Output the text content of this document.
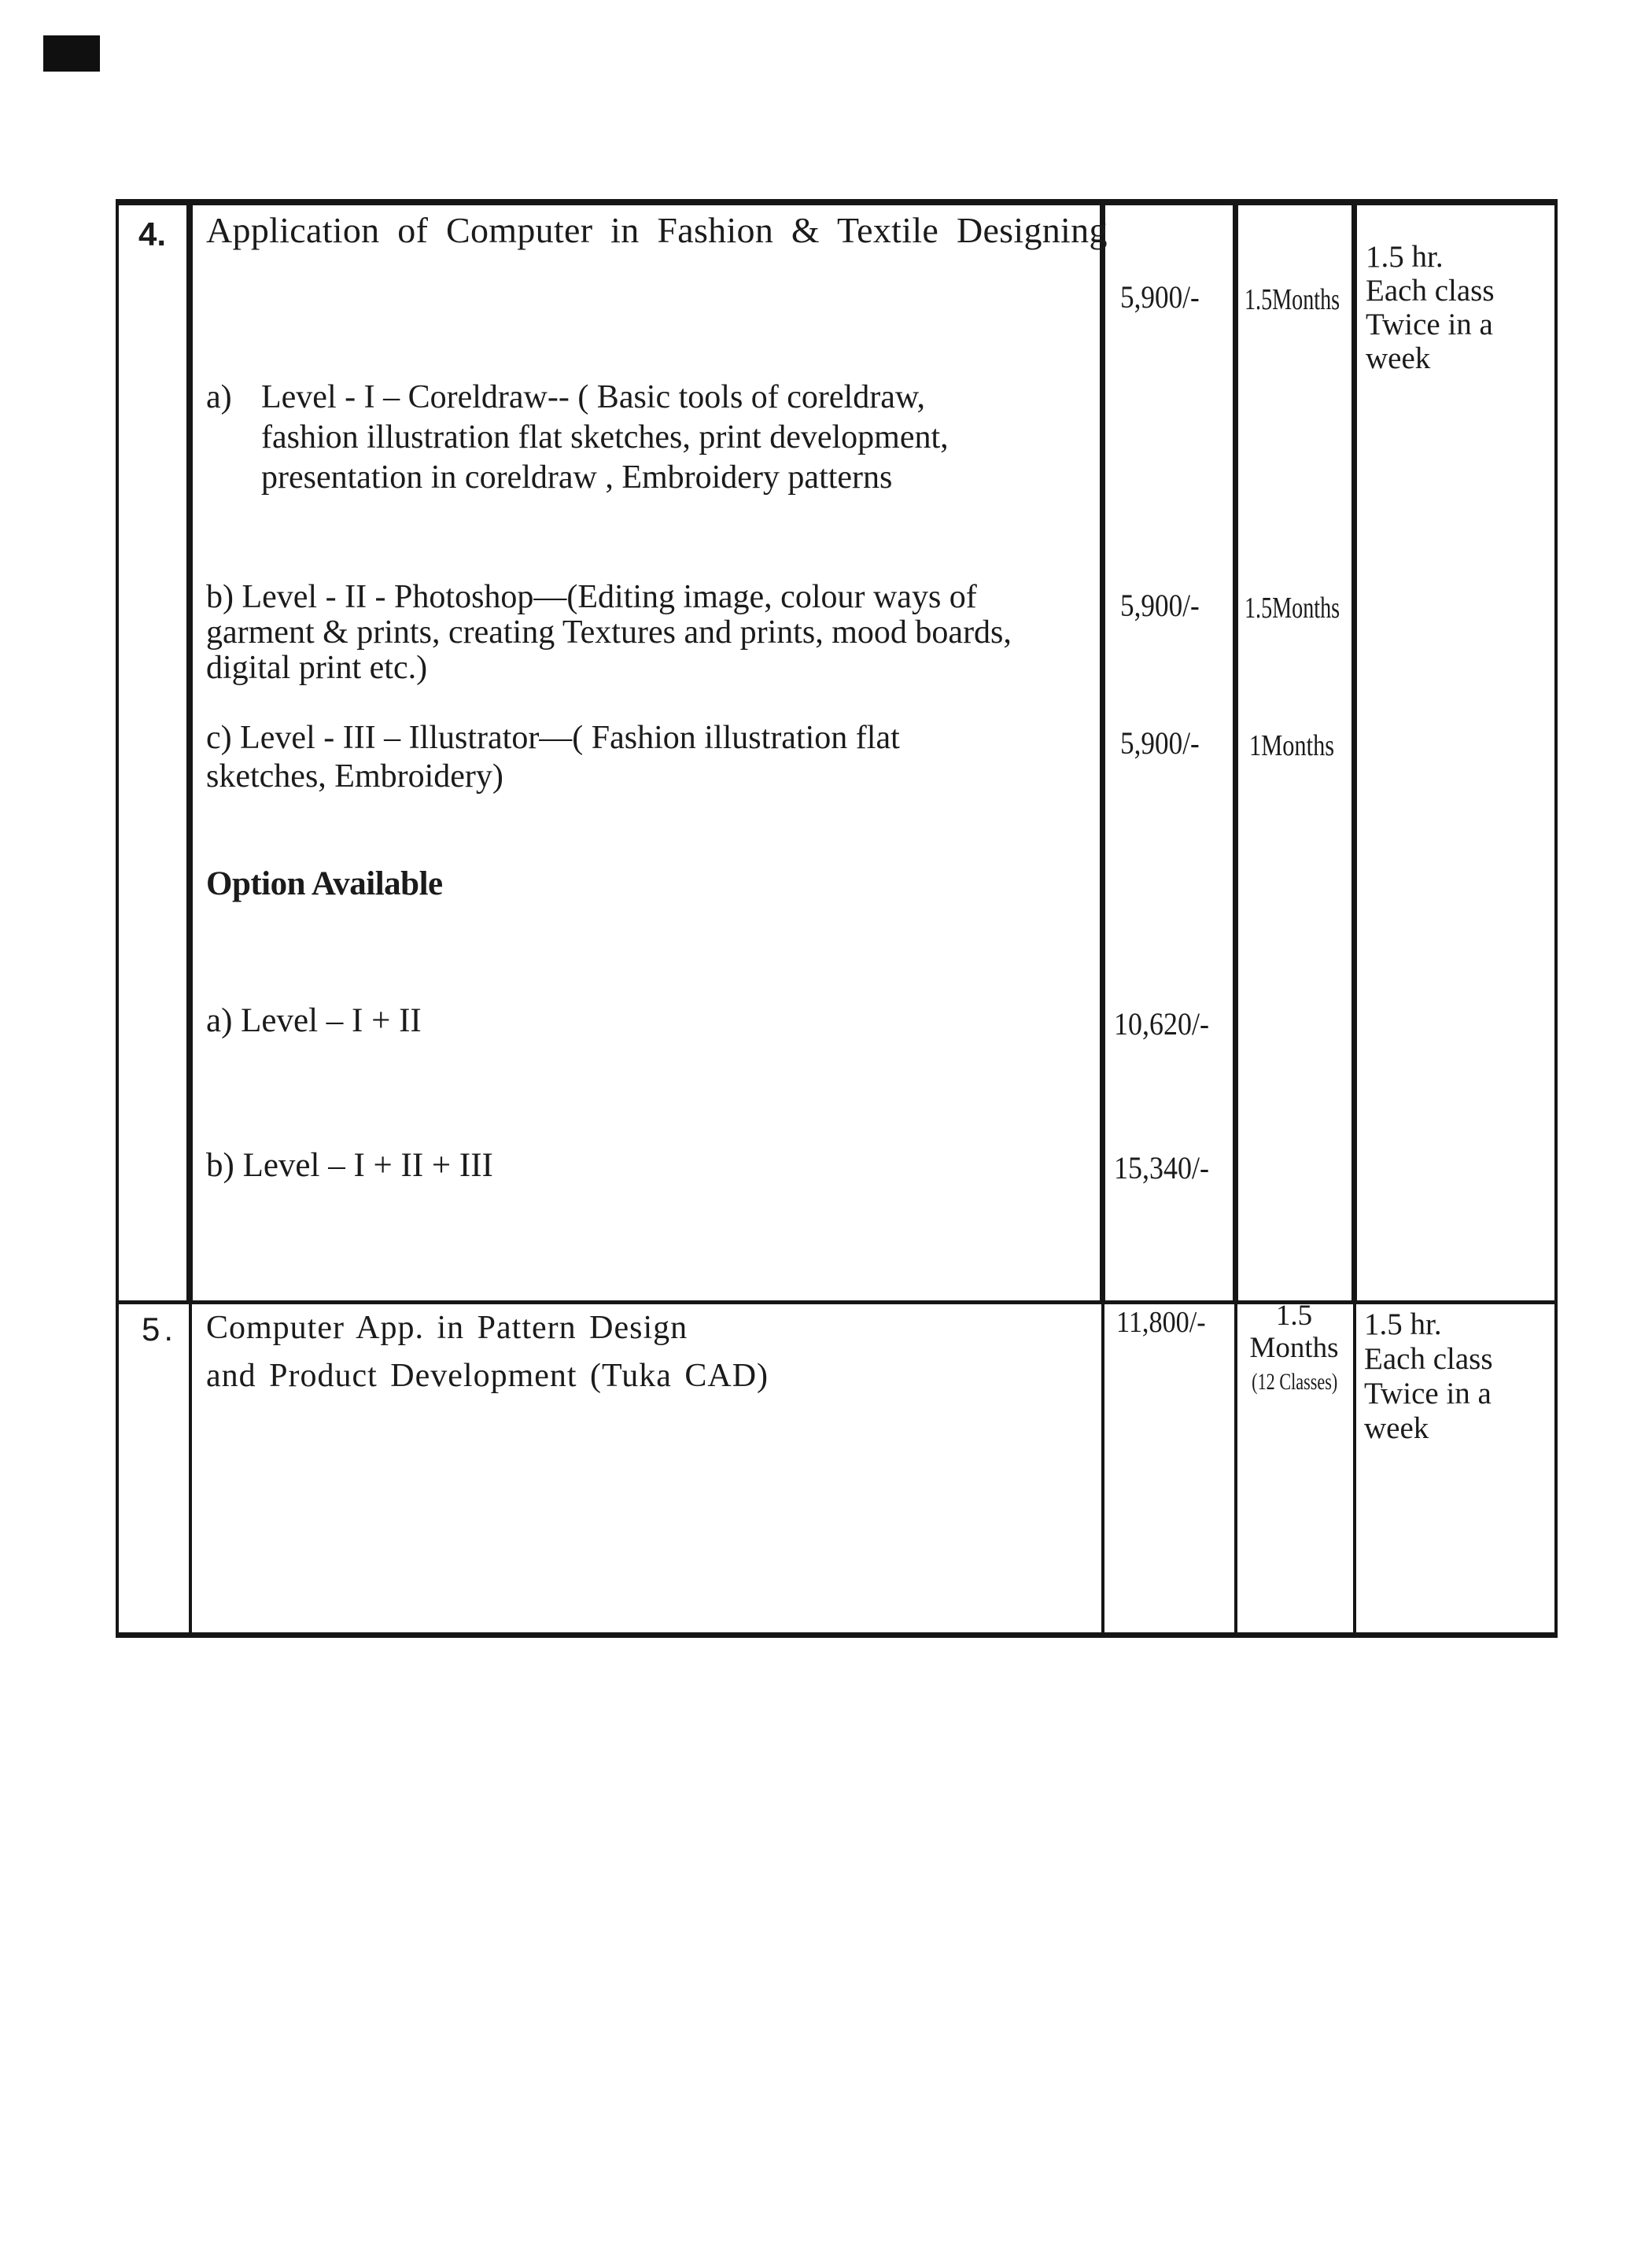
4. Application of Computer in Fashion & Textile Designing
a) Level - I – Coreldraw-- ( Basic tools of coreldraw,
fashion illustration flat sketches, print development,
presentation in coreldraw , Embroidery patterns
b) Level - II - Photoshop—(Editing image, colour ways of
garment & prints, creating Textures and prints, mood boards,
digital print etc.)
c) Level - III – Illustrator—( Fashion illustration flat
sketches, Embroidery)
Option Available
a) Level – I + II
b) Level – I + II + III
5,900/-
5,900/-
5,900/-
10,620/-
15,340/-
1.5Months
1.5Months
1Months
1.5 hr.
Each class
Twice in a
week
5. Computer App. in Pattern Design
and Product Development (Tuka CAD)
11,800/-	1.5
Months
(12 Classes)
1.5 hr.
Each class
Twice in a
week
